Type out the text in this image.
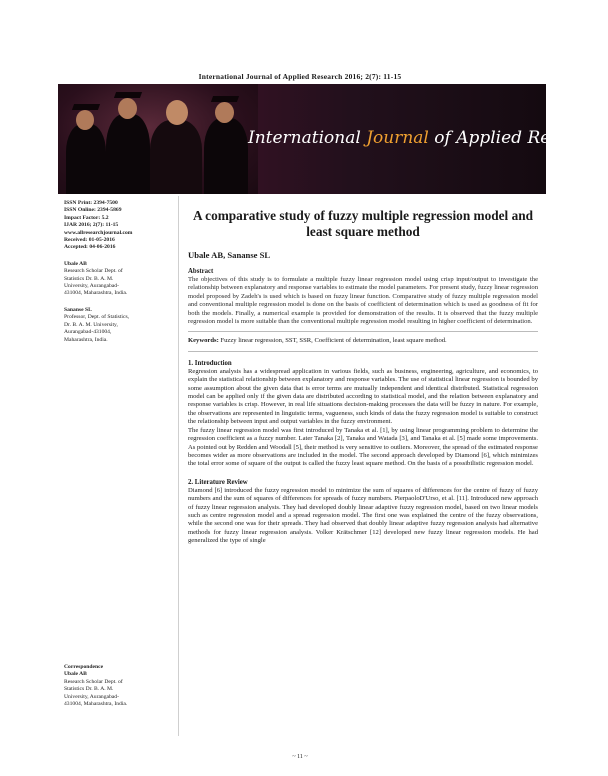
International Journal of Applied Research 2016; 2(7): 11-15
International Journal of Applied Research
ISSN Print: 2394-7500
ISSN Online: 2394-5869
Impact Factor: 5.2
IJAR 2016; 2(7): 11-15
www.allresearchjournal.com
Received: 01-05-2016
Accepted: 04-06-2016
Ubale AB
Research Scholar Dept. of
Statistics Dr. B. A. M.
University, Aurangabad-
431004, Maharashtra, India.
Sananse SL
Professor, Dept. of Statistics,
Dr. B. A. M. University,
Aurangabad-431004,
Maharashtra, India.
Correspondence
Ubale AB
Research Scholar Dept. of
Statistics Dr. B. A. M.
University, Aurangabad-
431004, Maharashtra, India.
A comparative study of fuzzy multiple regression model and least square method
Ubale AB, Sananse SL
Abstract

The objectives of this study is to formulate a multiple fuzzy linear regression model using crisp input/output to investigate the relationship between explanatory and response variables to estimate the model parameters. For present study, fuzzy linear regression model proposed by Zadeh's is used which is based on fuzzy linear function. Comparative study of fuzzy multiple regression model and conventional multiple regression model is done on the basis of coefficient of determination which is used as goodness of fit for both the models. Finally, a numerical example is provided for demonstration of the results. It is observed that the fuzzy multiple regression model is more suitable than the conventional multiple regression model resulting in higher coefficient of determination.

Keywords: Fuzzy linear regression, SST, SSR, Coefficient of determination, least square method.

1. Introduction

Regression analysis has a widespread application in various fields, such as business, engineering, agriculture, and economics, to explain the statistical relationship between explanatory and response variables. The use of statistical linear regression is bounded by some assumption about the given data that is error terms are mutually independent and identical distributed. Statistical regression model can be applied only if the given data are distributed according to statistical model, and the relation between explanatory and response variables is crisp. However, in real life situations decision-making processes the data will be fuzzy in nature. For example, the observations are represented in linguistic terms, vagueness, such kinds of data the fuzzy regression model is suitable to construct the relationship between input and output variables in the fuzzy environment.

The fuzzy linear regression model was first introduced by Tanaka et al. [1], by using linear programming problem to determine the regression coefficient as a fuzzy number. Later Tanaka [2], Tanaka and Watada [3], and Tanaka et al. [5] made some improvements. As pointed out by Redden and Woodall [5], their method is very sensitive to outliers. Moreover, the spread of the estimated response becomes wider as more observations are included in the model. The second approach developed by Diamond [6], which minimizes the total error some of square of the output is called the fuzzy least square method. On the basis of a possibilistic regression model.

2. Literature Review

Diamond [6] introduced the fuzzy regression model to minimize the sum of squares of differences for the centre of fuzzy of fuzzy numbers and the sum of squares of differences for spreads of fuzzy numbers. PierpaoloD'Urso, et al. [11]. Introduced new approach of fuzzy linear regression analysis. They had developed doubly linear adaptive fuzzy regression model, based on two linear models such as centre regression model and a spread regression model. The first one was explained the centre of the fuzzy observations, while the second one was for their spreads. They had observed that doubly linear adaptive fuzzy regression analysis had alternative methods for fuzzy linear regression analysis. Volker Krätschmer [12] developed new fuzzy linear regression models. He had generalized the type of single

~ 11 ~
